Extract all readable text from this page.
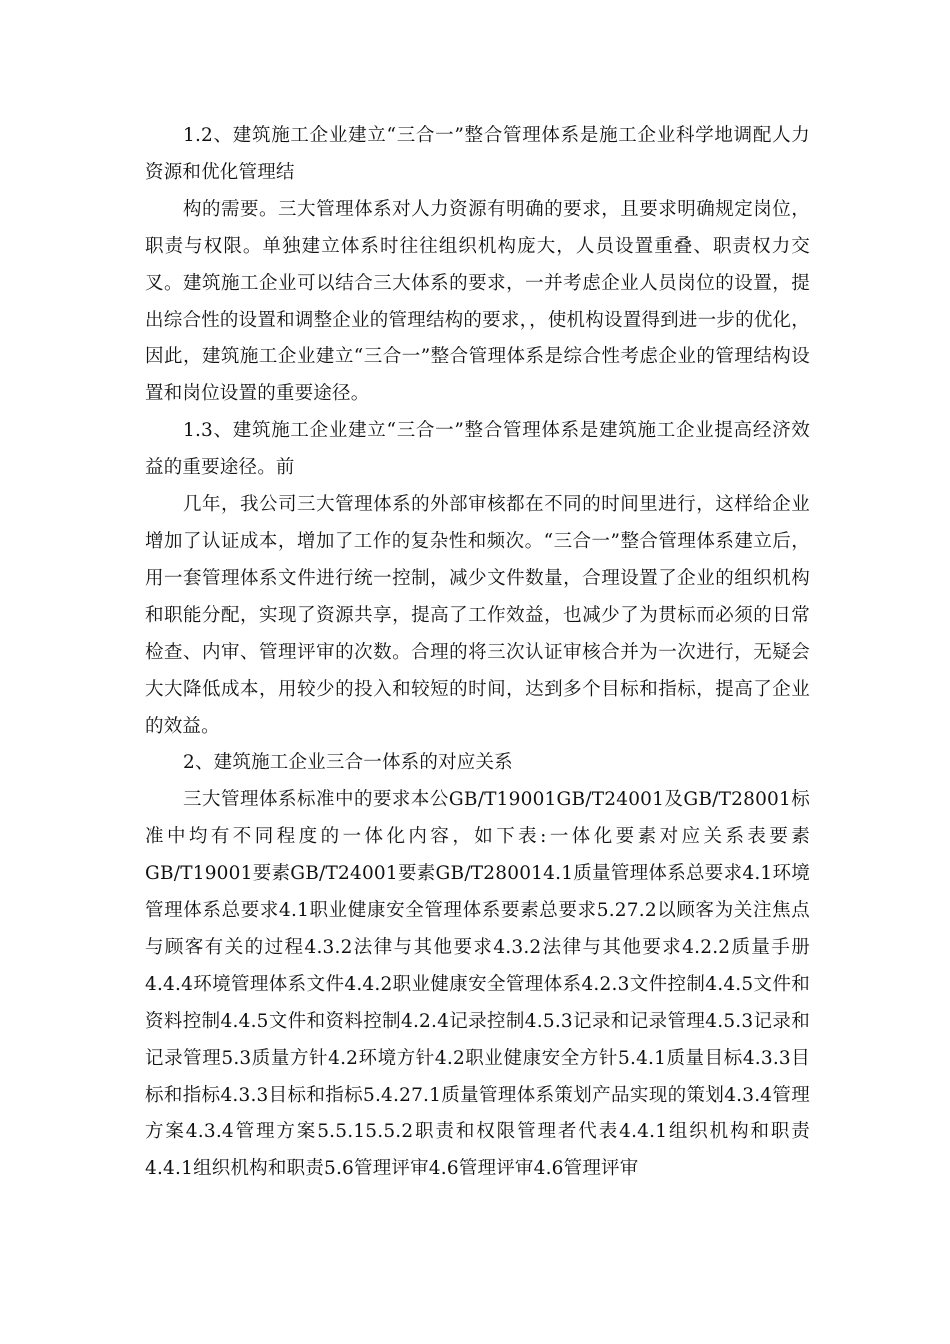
1.2、建筑施工企业建立“三合一”整合管理体系是施工企业科学地调配人力资源和优化管理结

构的需要。三大管理体系对人力资源有明确的要求，且要求明确规定岗位，职责与权限。单独建立体系时往往组织机构庞大，人员设置重叠、职责权力交叉。建筑施工企业可以结合三大体系的要求，一并考虑企业人员岗位的设置，提出综合性的设置和调整企业的管理结构的要求，，使机构设置得到进一步的优化，因此，建筑施工企业建立“三合一”整合管理体系是综合性考虑企业的管理结构设置和岗位设置的重要途径。

1.3、建筑施工企业建立“三合一”整合管理体系是建筑施工企业提高经济效益的重要途径。前

几年，我公司三大管理体系的外部审核都在不同的时间里进行，这样给企业增加了认证成本，增加了工作的复杂性和频次。“三合一”整合管理体系建立后，用一套管理体系文件进行统一控制，减少文件数量，合理设置了企业的组织机构和职能分配，实现了资源共享，提高了工作效益，也减少了为贯标而必须的日常检查、内审、管理评审的次数。合理的将三次认证审核合并为一次进行，无疑会大大降低成本，用较少的投入和较短的时间，达到多个目标和指标，提高了企业的效益。

2、建筑施工企业三合一体系的对应关系

三大管理体系标准中的要求本公GB/T19001GB/T24001及GB/T28001标准中均有不同程度的一体化内容，如下表:一体化要素对应关系表要素GB/T19001要素GB/T24001要素GB/T280014.1质量管理体系总要求4.1环境管理体系总要求4.1职业健康安全管理体系要素总要求5.27.2以顾客为关注焦点与顾客有关的过程4.3.2法律与其他要求4.3.2法律与其他要求4.2.2质量手册4.4.4环境管理体系文件4.4.2职业健康安全管理体系4.2.3文件控制4.4.5文件和资料控制4.4.5文件和资料控制4.2.4记录控制4.5.3记录和记录管理4.5.3记录和记录管理5.3质量方针4.2环境方针4.2职业健康安全方针5.4.1质量目标4.3.3目标和指标4.3.3目标和指标5.4.27.1质量管理体系策划产品实现的策划4.3.4管理方案4.3.4管理方案5.5.15.5.2职责和权限管理者代表4.4.1组织机构和职责4.4.1组织机构和职责5.6管理评审4.6管理评审4.6管理评审
